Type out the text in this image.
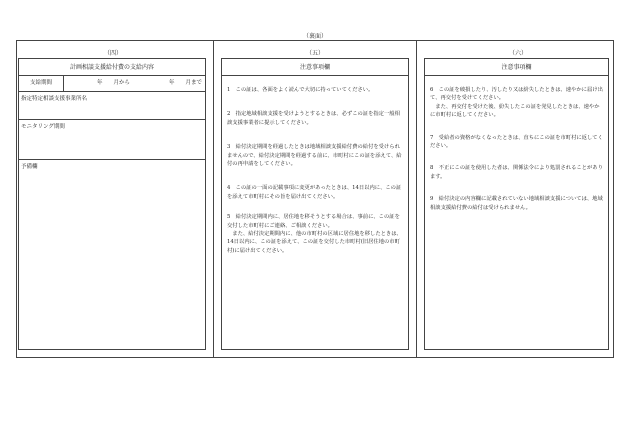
（裏面）
（四）
計画相談支援給付費の支給内容
支給期間	年　　月から	年　　月まで
指定特定相談支援事業所名
モニタリング期間
予備欄
（五）
注意事項欄
1　この証は、各面をよく読んで大切に持っていてください。
2　指定地域相談支援を受けようとするときは、必ずこの証を指定一般相談支援事業者に提示してください。
3　給付決定期間を経過したときは地域相談支援給付費の給付を受けられませんので、給付決定期間を経過する前に、市町村にこの証を添えて、給付の再申請をしてください。
4　この証の一面の記載事項に変更があったときは、14日以内に、この証を添えて市町村にその旨を届け出てください。
5　給付決定期間内に、居住地を移そうとする場合は、事前に、この証を交付した市町村にご連絡、ご相談ください。
　また、給付決定期間内に、他の市町村の区域に居住地を移したときは、14日以内に、この証を添えて、この証を交付した市町村(旧居住地の市町村)に届け出てください。
（六）
注意事項欄
6　この証を破損したり、汚したり又は紛失したときは、速やかに届け出て、再交付を受けてください。
　また、再交付を受けた後、紛失したこの証を発見したときは、速やかに市町村に返してください。
7　受給者の資格がなくなったときは、直ちにこの証を市町村に返してください。
8　不正にこの証を使用した者は、関係法令により処罰されることがあります。
9　給付決定の内容欄に記載されていない地域相談支援については、地域相談支援給付費の給付は受けられません。
